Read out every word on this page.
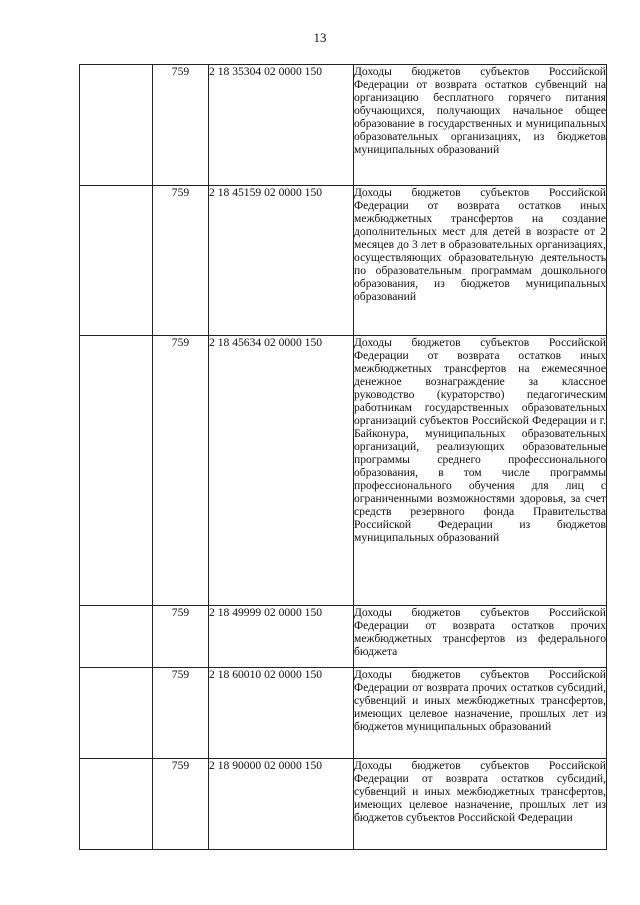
13
	759	2 18 35304 02 0000 150	Доходы бюджетов субъектов Российской Федерации от возврата остатков субвенций на организацию бесплатного горячего питания обучающихся, получающих начальное общее образование в государственных и муниципальных образовательных организациях, из бюджетов муниципальных образований

	759	2 18 45159 02 0000 150	Доходы бюджетов субъектов Российской Федерации от возврата остатков иных межбюджетных трансфертов на создание дополнительных мест для детей в возрасте от 2 месяцев до 3 лет в образовательных организациях, осуществляющих образовательную деятельность по образовательным программам дошкольного образования, из бюджетов муниципальных образований

	759	2 18 45634 02 0000 150	Доходы бюджетов субъектов Российской Федерации от возврата остатков иных межбюджетных трансфертов на ежемесячное денежное вознаграждение за классное руководство (кураторство) педагогическим работникам государственных образовательных организаций субъектов Российской Федерации и г. Байконура, муниципальных образовательных организаций, реализующих образовательные программы среднего профессионального образования, в том числе программы профессионального обучения для лиц с ограниченными возможностями здоровья, за счет средств резервного фонда Правительства Российской Федерации из бюджетов муниципальных образований

	759	2 18 49999 02 0000 150	Доходы бюджетов субъектов Российской Федерации от возврата остатков прочих межбюджетных трансфертов из федерального бюджета

	759	2 18 60010 02 0000 150	Доходы бюджетов субъектов Российской Федерации от возврата прочих остатков субсидий, субвенций и иных межбюджетных трансфертов, имеющих целевое назначение, прошлых лет из бюджетов муниципальных образований

	759	2 18 90000 02 0000 150	Доходы бюджетов субъектов Российской Федерации от возврата остатков субсидий, субвенций и иных межбюджетных трансфертов, имеющих целевое назначение, прошлых лет из бюджетов субъектов Российской Федерации
